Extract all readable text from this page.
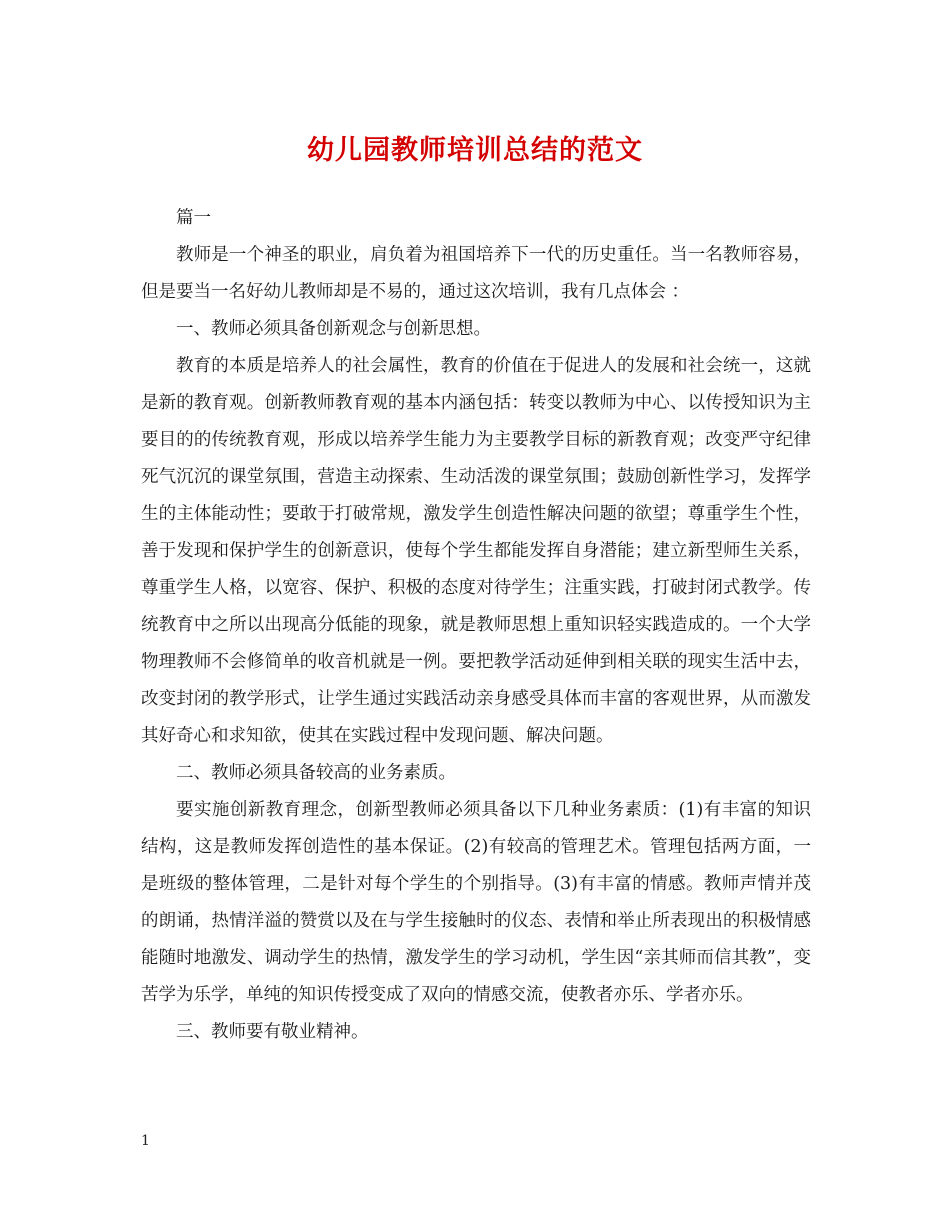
幼儿园教师培训总结的范文

篇一

教师是一个神圣的职业，肩负着为祖国培养下一代的历史重任。当一名教师容易，但是要当一名好幼儿教师却是不易的，通过这次培训，我有几点体会 ：

一、教师必须具备创新观念与创新思想。

教育的本质是培养人的社会属性，教育的价值在于促进人的发展和社会统一，这就是新的教育观。创新教师教育观的基本内涵包括：转变以教师为中心、以传授知识为主要目的的传统教育观，形成以培养学生能力为主要教学目标的新教育观；改变严守纪律死气沉沉的课堂氛围，营造主动探索、生动活泼的课堂氛围；鼓励创新性学习，发挥学生的主体能动性；要敢于打破常规，激发学生创造性解决问题的欲望；尊重学生个性，善于发现和保护学生的创新意识，使每个学生都能发挥自身潜能；建立新型师生关系，尊重学生人格，以宽容、保护、积极的态度对待学生；注重实践，打破封闭式教学。传统教育中之所以出现高分低能的现象，就是教师思想上重知识轻实践造成的。一个大学物理教师不会修简单的收音机就是一例。要把教学活动延伸到相关联的现实生活中去，改变封闭的教学形式，让学生通过实践活动亲身感受具体而丰富的客观世界，从而激发其好奇心和求知欲，使其在实践过程中发现问题、解决问题。

二、教师必须具备较高的业务素质。

要实施创新教育理念，创新型教师必须具备以下几种业务素质：(1)有丰富的知识结构，这是教师发挥创造性的基本保证。(2)有较高的管理艺术。管理包括两方面，一是班级的整体管理，二是针对每个学生的个别指导。(3)有丰富的情感。教师声情并茂的朗诵，热情洋溢的赞赏以及在与学生接触时的仪态、表情和举止所表现出的积极情感能随时地激发、调动学生的热情，激发学生的学习动机，学生因“亲其师而信其教”，变苦学为乐学，单纯的知识传授变成了双向的情感交流，使教者亦乐、学者亦乐。

三、教师要有敬业精神。

1
